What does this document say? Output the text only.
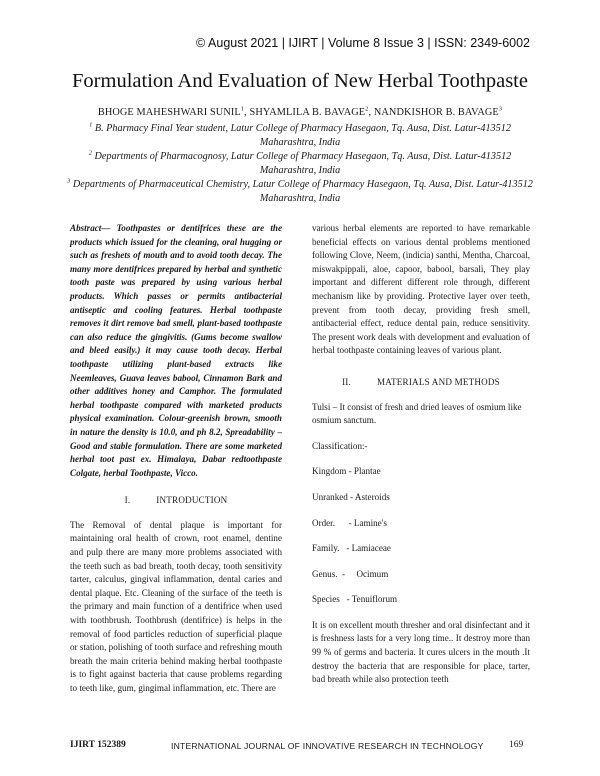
© August 2021 | IJIRT | Volume 8 Issue 3 | ISSN: 2349-6002
Formulation And Evaluation of New Herbal Toothpaste
BHOGE MAHESHWARI SUNIL$^1$, SHYAMLILA B. BAVAGE$^2$, NANDKISHOR B. BAVAGE$^3$
$^1$ B. Pharmacy Final Year student, Latur College of Pharmacy Hasegaon, Tq. Ausa, Dist. Latur-413512 Maharashtra, India
$^2$ Departments of Pharmacognosy, Latur College of Pharmacy Hasegaon, Tq. Ausa, Dist. Latur-413512 Maharashtra, India
$^3$ Departments of Pharmaceutical Chemistry, Latur College of Pharmacy Hasegaon, Tq. Ausa, Dist. Latur-413512 Maharashtra, India

Abstract— Toothpastes or dentifrices these are the products which issued for the cleaning, oral hugging or such as freshets of mouth and to avoid tooth decay. The many more dentifrices prepared by herbal and synthetic tooth paste was prepared by using various herbal products. Which passes or permits antibacterial antiseptic and cooling features. Herbal toothpaste removes it dirt remove bad smell, plant-based toothpaste can also reduce the gingivitis. (Gums become swallow and bleed easily.) it may cause tooth decay. Herbal toothpaste utilizing plant-based extracts like Neemleaves, Guava leaves babool, Cinnamon Bark and other additives honey and Camphor. The formulated herbal toothpaste compared with marketed products physical examination. Colour-greenish brown, smooth in nature the density is 10.0, and ph 8.2, Spreadability – Good and stable formulation. There are some marketed herbal toot past ex. Himalaya, Dabar redtoothpaste Colgate, herbal Toothpaste, Vicco.

I.	INTRODUCTION

The Removal of dental plaque is important for maintaining oral health of crown, root enamel, dentine and pulp there are many more problems associated with the teeth such as bad breath, tooth decay, tooth sensitivity tarter, calculus, gingival inflammation, dental caries and dental plaque. Etc. Cleaning of the surface of the teeth is the primary and main function of a dentifrice when used with toothbrush. Toothbrush (dentifrice) is helps in the removal of food particles reduction of superficial plaque or station, polishing of tooth surface and refreshing mouth breath the main criteria behind making herbal toothpaste is to fight against bacteria that cause problems regarding to teeth like, gum, gingimal inflammation, etc. There are

various herbal elements are reported to have remarkable beneficial effects on various dental problems mentioned following Clove, Neem, (indicia) santhi, Mentha, Charcoal, miswakpippali, aloe, capoor, babool, barsali, They play important and different different role through, different mechanism like by providing. Protective layer over teeth, prevent from tooth decay, providing fresh smell, antibacterial effect, reduce dental pain, reduce sensitivity. The present work deals with development and evaluation of herbal toothpaste containing leaves of various plant.

II.	MATERIALS AND METHODS

Tulsi – It consist of fresh and dried leaves of osmium like osmium sanctum.

Classification:-

Kingdom - Plantae

Unranked - Asteroids

Order.      - Lamine's

Family.   - Lamiaceae

Genus.  -     Ocimum

Species   - Tenuiflorum

It is on excellent mouth thresher and oral disinfectant and it is freshness lasts for a very long time.. It destroy more than 99 % of germs and bacteria. It cures ulcers in the mouth .It destroy the bacteria that are responsible for place, tarter, bad breath while also protection teeth

IJIRT 152389	INTERNATIONAL JOURNAL OF INNOVATIVE RESEARCH IN TECHNOLOGY	169
